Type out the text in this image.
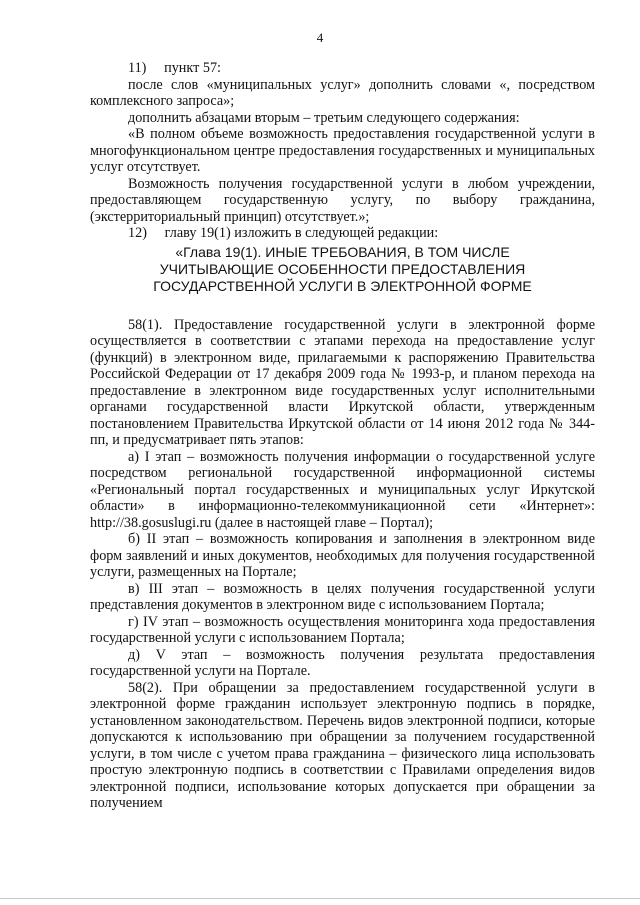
4

11)     пункт 57:

после слов «муниципальных услуг» дополнить словами «, посредством комплексного запроса»;

дополнить абзацами вторым – третьим следующего содержания:

«В полном объеме возможность предоставления государственной услуги в многофункциональном центре предоставления государственных и муниципальных услуг отсутствует.

Возможность получения государственной услуги в любом учреждении, предоставляющем государственную услугу, по выбору гражданина, (экстерриториальный принцип) отсутствует.»;

12)     главу 19(1) изложить в следующей редакции:

«Глава 19(1). ИНЫЕ ТРЕБОВАНИЯ, В ТОМ ЧИСЛЕ
УЧИТЫВАЮЩИЕ ОСОБЕННОСТИ ПРЕДОСТАВЛЕНИЯ
ГОСУДАРСТВЕННОЙ УСЛУГИ В ЭЛЕКТРОННОЙ ФОРМЕ

58(1). Предоставление государственной услуги в электронной форме осуществляется в соответствии с этапами перехода на предоставление услуг (функций) в электронном виде, прилагаемыми к распоряжению Правительства Российской Федерации от 17 декабря 2009 года № 1993-р, и планом перехода на предоставление в электронном виде государственных услуг исполнительными органами государственной власти Иркутской области, утвержденным постановлением Правительства Иркутской области от 14 июня 2012 года № 344-пп, и предусматривает пять этапов:

а) I этап – возможность получения информации о государственной услуге посредством региональной государственной информационной системы «Региональный портал государственных и муниципальных услуг Иркутской области» в информационно-телекоммуникационной сети «Интернет»: http://38.gosuslugi.ru (далее в настоящей главе – Портал);

б) II этап – возможность копирования и заполнения в электронном виде форм заявлений и иных документов, необходимых для получения государственной услуги, размещенных на Портале;

в) III этап – возможность в целях получения государственной услуги представления документов в электронном виде с использованием Портала;

г) IV этап – возможность осуществления мониторинга хода предоставления государственной услуги с использованием Портала;

д) V этап – возможность получения результата предоставления государственной услуги на Портале.

58(2). При обращении за предоставлением государственной услуги в электронной форме гражданин использует электронную подпись в порядке, установленном законодательством. Перечень видов электронной подписи, которые допускаются к использованию при обращении за получением государственной услуги, в том числе с учетом права гражданина – физического лица использовать простую электронную подпись в соответствии с Правилами определения видов электронной подписи, использование которых допускается при обращении за получением
